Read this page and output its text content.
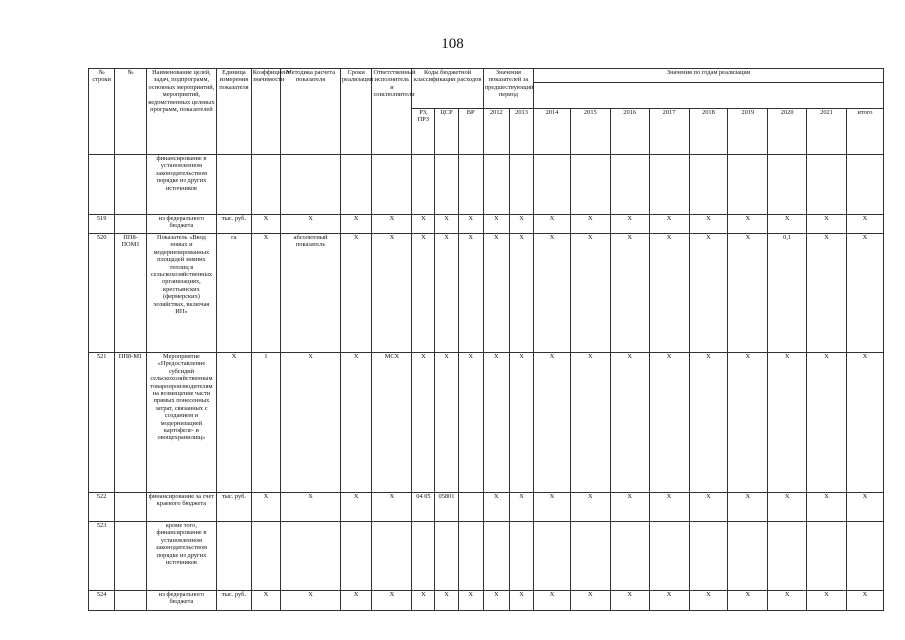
108
№ строки	№	Наименование целей, задач, подпрограмм, основных мероприятий, мероприятий, ведомственных целевых программ, показателей	Единица измерения показателя	Коэффициент значимости	Методика расчета показателя	Сроки реализации	Ответственный исполнитель и соисполнители	Коды бюджетной классификации расходов			Значения показателей за предшествующий период		Значения по годам реализации								

								РЗ, ПРЗ	ЦСР	ВР	2012	2013	2014	2015	2016	2017	2018	2019	2020	2021	итого
		финансирование в установленном законодательством порядке из других источников																			
519		из федерального бюджета	тыс. руб.	X	X	X	X	X	X	X	X	X	X	X	X	X	X	X	X	X	X
520	ПП8-ПОМ1	Показатель «Ввод новых и модернизированных площадей зимних теплиц в сельскохозяйственных организациях, крестьянских (фермерских) хозяйствах, включая ИП»	га	X	абсолютный показатель	X	X	X	X	X	X	X	X	X	X	X	X	X	0,1	X	X
521	ПП8-М1	Мероприятие «Предоставление субсидий сельскохозяйственным товаропроизводителям на возмещение части прямых понесенных затрат, связанных с созданием и модернизацией картофеле- и овощехранилищ»	X	1	X	X	МСХ	X	X	X	X	X	X	X	X	X	X	X	X	X	X
522		финансирование за счет краевого бюджета	тыс. руб.	X	X	X	X	04 05	05801		X	X	X	X	X	X	X	X	X	X	X
523		кроме того, финансирование в установленном законодательством порядке из других источников																			
524		из федерального бюджета	тыс. руб.	X	X	X	X	X	X	X	X	X	X	X	X	X	X	X	X	X	X
